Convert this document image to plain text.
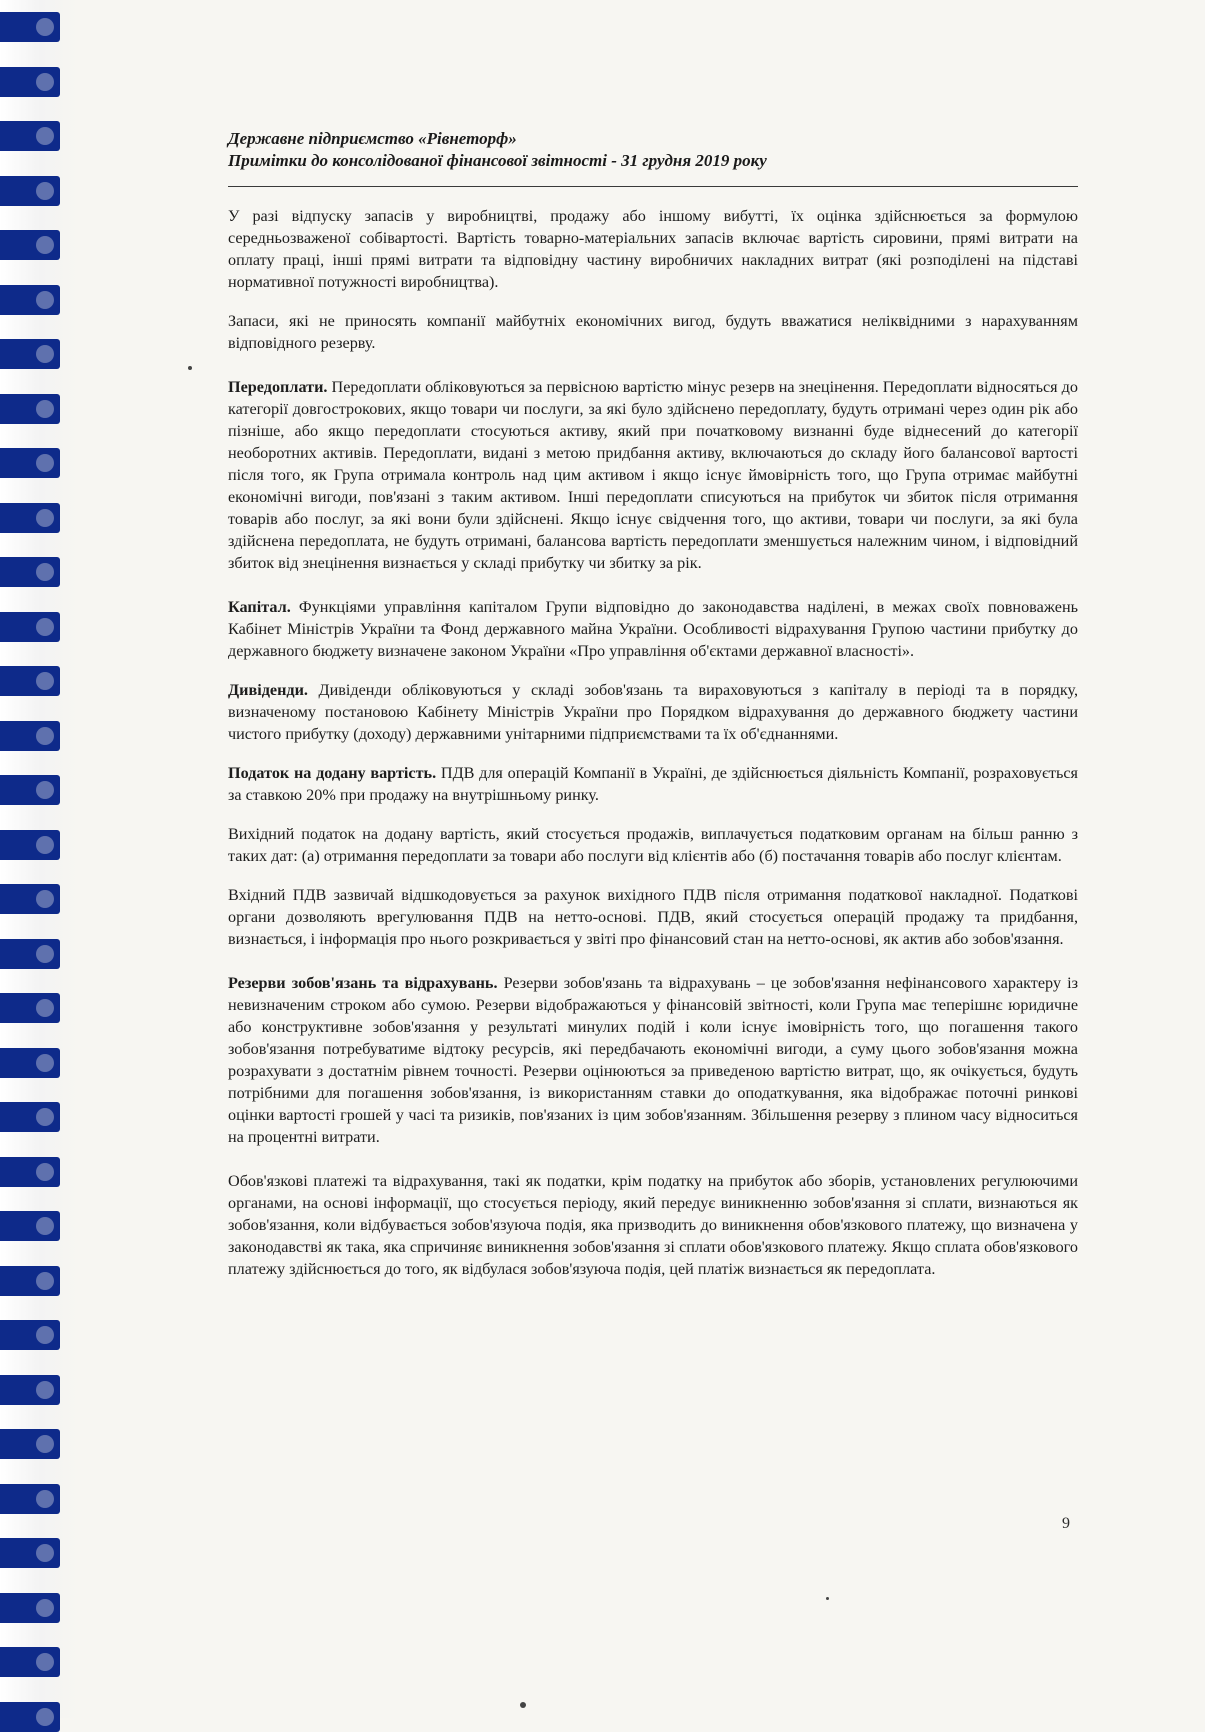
Державне підприємство «Рівнеторф»
Примітки до консолідованої фінансової звітності - 31 грудня 2019 року

У разі відпуску запасів у виробництві, продажу або іншому вибутті, їх оцінка здійснюється за формулою середньозваженої собівартості. Вартість товарно-матеріальних запасів включає вартість сировини, прямі витрати на оплату праці, інші прямі витрати та відповідну частину виробничих накладних витрат (які розподілені на підставі нормативної потужності виробництва).

Запаси, які не приносять компанії майбутніх економічних вигод, будуть вважатися неліквідними з нарахуванням відповідного резерву.

Передоплати. Передоплати обліковуються за первісною вартістю мінус резерв на знецінення. Передоплати відносяться до категорії довгострокових, якщо товари чи послуги, за які було здійснено передоплату, будуть отримані через один рік або пізніше, або якщо передоплати стосуються активу, який при початковому визнанні буде віднесений до категорії необоротних активів. Передоплати, видані з метою придбання активу, включаються до складу його балансової вартості після того, як Група отримала контроль над цим активом і якщо існує ймовірність того, що Група отримає майбутні економічні вигоди, пов'язані з таким активом. Інші передоплати списуються на прибуток чи збиток після отримання товарів або послуг, за які вони були здійснені. Якщо існує свідчення того, що активи, товари чи послуги, за які була здійснена передоплата, не будуть отримані, балансова вартість передоплати зменшується належним чином, і відповідний збиток від знецінення визнається у складі прибутку чи збитку за рік.

Капітал. Функціями управління капіталом Групи відповідно до законодавства наділені, в межах своїх повноважень Кабінет Міністрів України та Фонд державного майна України. Особливості відрахування Групою частини прибутку до державного бюджету визначене законом України «Про управління об'єктами державної власності».

Дивіденди. Дивіденди обліковуються у складі зобов'язань та вираховуються з капіталу в періоді та в порядку, визначеному постановою Кабінету Міністрів України про Порядком відрахування до державного бюджету частини чистого прибутку (доходу) державними унітарними підприємствами та їх об'єднаннями.

Податок на додану вартість. ПДВ для операцій Компанії в Україні, де здійснюється діяльність Компанії, розраховується за ставкою 20% при продажу на внутрішньому ринку.

Вихідний податок на додану вартість, який стосується продажів, виплачується податковим органам на більш ранню з таких дат: (а) отримання передоплати за товари або послуги від клієнтів або (б) постачання товарів або послуг клієнтам.

Вхідний ПДВ зазвичай відшкодовується за рахунок вихідного ПДВ після отримання податкової накладної. Податкові органи дозволяють врегулювання ПДВ на нетто-основі. ПДВ, який стосується операцій продажу та придбання, визнається, і інформація про нього розкривається у звіті про фінансовий стан на нетто-основі, як актив або зобов'язання.

Резерви зобов'язань та відрахувань. Резерви зобов'язань та відрахувань – це зобов'язання нефінансового характеру із невизначеним строком або сумою. Резерви відображаються у фінансовій звітності, коли Група має теперішнє юридичне або конструктивне зобов'язання у результаті минулих подій і коли існує імовірність того, що погашення такого зобов'язання потребуватиме відтоку ресурсів, які передбачають економічні вигоди, а суму цього зобов'язання можна розрахувати з достатнім рівнем точності. Резерви оцінюються за приведеною вартістю витрат, що, як очікується, будуть потрібними для погашення зобов'язання, із використанням ставки до оподаткування, яка відображає поточні ринкові оцінки вартості грошей у часі та ризиків, пов'язаних із цим зобов'язанням. Збільшення резерву з плином часу відноситься на процентні витрати.

Обов'язкові платежі та відрахування, такі як податки, крім податку на прибуток або зборів, установлених регулюючими органами, на основі інформації, що стосується періоду, який передує виникненню зобов'язання зі сплати, визнаються як зобов'язання, коли відбувається зобов'язуюча подія, яка призводить до виникнення обов'язкового платежу, що визначена у законодавстві як така, яка спричиняє виникнення зобов'язання зі сплати обов'язкового платежу. Якщо сплата обов'язкового платежу здійснюється до того, як відбулася зобов'язуюча подія, цей платіж визнається як передоплата.

9
